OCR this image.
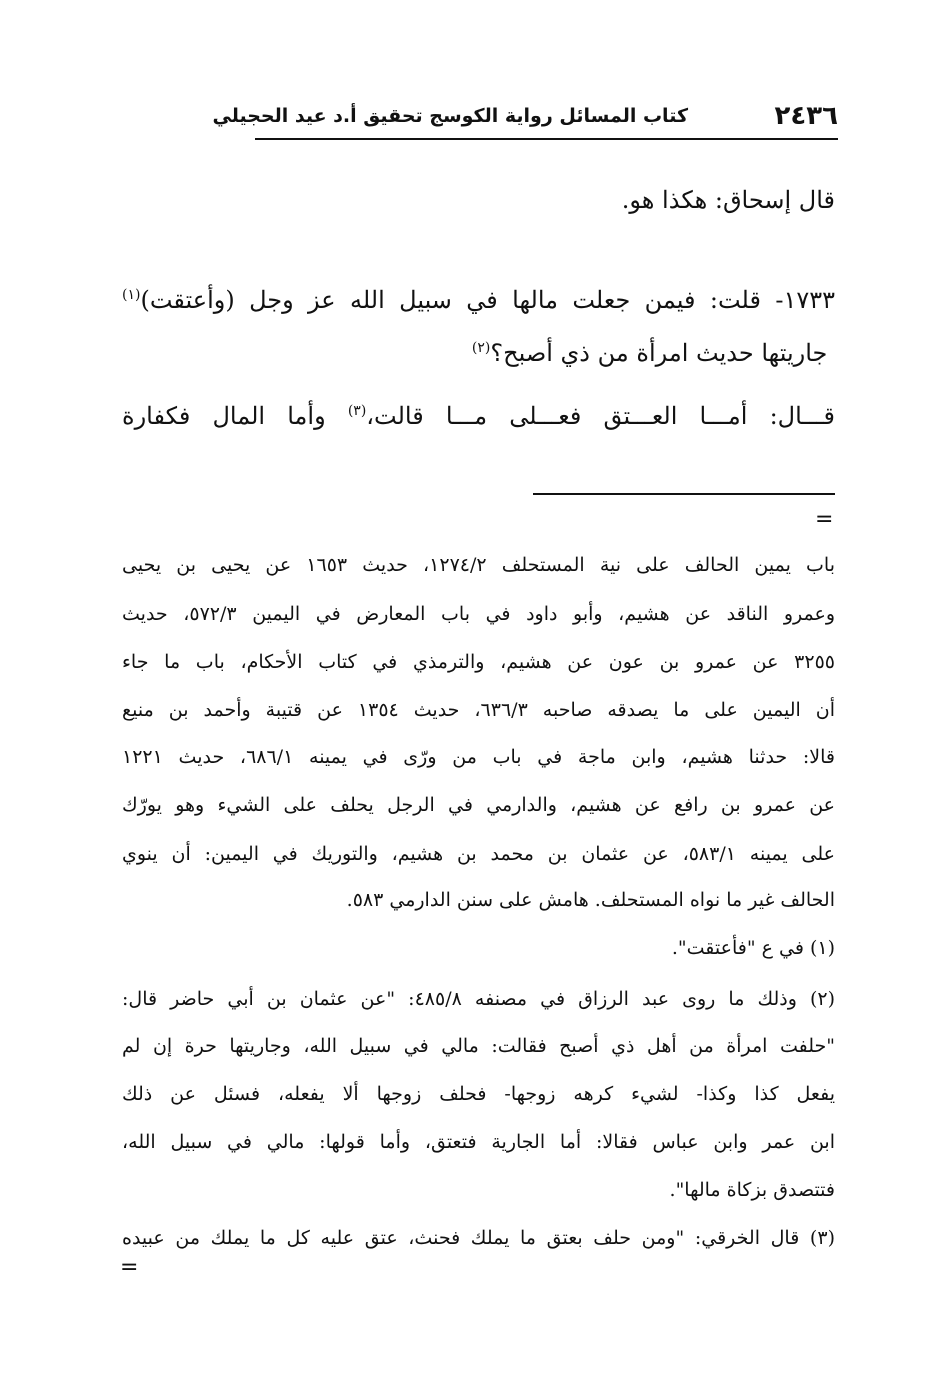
٢٤٣٦
كتاب المسائل رواية الكوسج تحقيق أ.د عيد الحجيلي
قال إسحاق: هكذا هو.
١٧٣٣- قلت: فيمن جعلت مالها في سبيل الله عز وجل (وأعتقت)$^{(١)}$
جاريتها حديث امرأة من ذي أصبح؟$^{(٢)}$
قـــال: أمـــا العـــتق فعـــلى مـــا قالت،$^{(٣)}$ وأما المال فكفارة
=
باب يمين الحالف على نية المستحلف ١٢٧٤/٢، حديث ١٦٥٣ عن يحيى بن يحيى
وعمرو الناقد عن هشيم، وأبو داود في باب المعارض في اليمين ٥٧٢/٣، حديث
٣٢٥٥ عن عمرو بن عون عن هشيم، والترمذي في كتاب الأحكام، باب ما جاء
أن اليمين على ما يصدقه صاحبه ٦٣٦/٣، حديث ١٣٥٤ عن قتيبة وأحمد بن منيع
قالا: حدثنا هشيم، وابن ماجة في باب من ورّى في يمينه ٦٨٦/١، حديث ١٢٢١
عن عمرو بن رافع عن هشيم، والدارمي في الرجل يحلف على الشيء وهو يورّك
على يمينه ٥٨٣/١، عن عثمان بن محمد بن هشيم، والتوريك في اليمين: أن ينوي
الحالف غير ما نواه المستحلف. هامش على سنن الدارمي ٥٨٣.
(١) في ع "فأعتقت".
(٢) وذلك ما روى عبد الرزاق في مصنفه ٤٨٥/٨: "عن عثمان بن أبي حاضر قال:
"حلفت امرأة من أهل ذي أصبح فقالت: مالي في سبيل الله، وجاريتها حرة إن لم
يفعل كذا وكذا- لشيء كرهه زوجها- فحلف زوجها ألا يفعله، فسئل عن ذلك
ابن عمر وابن عباس فقالا: أما الجارية فتعتق، وأما قولها: مالي في سبيل الله،
فتتصدق بزكاة مالها".
(٣) قال الخرقي: "ومن حلف بعتق ما يملك فحنث، عتق عليه كل ما يملك من عبيده
=
